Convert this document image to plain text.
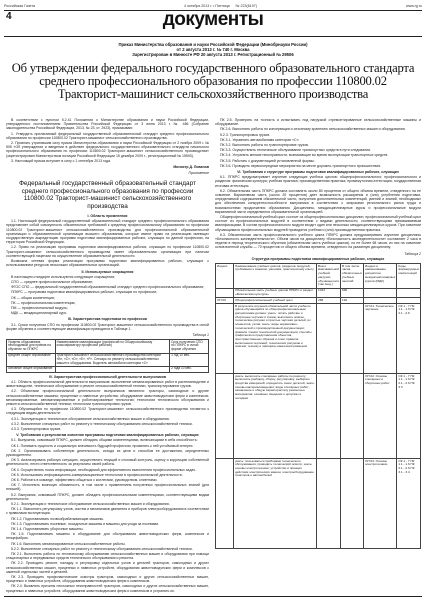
Российская Газета	4 октября 2013 г. • Пятница № 223(6197)	www.rg.ru
4	документы
Приказ Министерства образования и науки Российской Федерации (Минобрнауки России)
от 2 августа 2013 г. № 740 г. Москва
Зарегистрирован в Минюсте РФ 20 августа 2013 г. Регистрационный № 29506
Об утверждении федерального государственного образовательного стандарта среднего профессионального образования по профессии 110800.02 Тракторист-машинист сельскохозяйственного производства

В соответствии с пунктом 5.2.41 Положения о Министерстве образования и науки Российской Федерации, утвержденного постановлением Правительства Российской Федерации от 3 июня 2013 г. № 466 (Собрание законодательства Российской Федерации, 2013, № 23, ст. 2923), приказываю:

1. Утвердить прилагаемый федеральный государственный образовательный стандарт среднего профессионального образования по профессии 110800.02 Тракторист-машинист сельскохозяйственного производства.

2. Признать утратившим силу приказ Министерства образования и науки Российской Федерации от 2 ноября 2009 г. № 505 «Об утверждении и введении в действие федерального государственного образовательного стандарта начального профессионального образования по профессии 110800.02 Тракторист-машинист сельскохозяйственного производства» (зарегистрирован Министерством юстиции Российской Федерации 15 декабря 2009 г., регистрационный № 15593).

3. Настоящий приказ вступает в силу с 1 сентября 2013 года.

Министр Д. Ливанов
Приложение
Федеральный государственный образовательный стандарт среднего профессионального образования по профессии 110800.02 Тракторист-машинист сельскохозяйственного производства
I. Область применения

1.1. Настоящий федеральный государственный образовательный стандарт среднего профессионального образования представляет собой совокупность обязательных требований к среднему профессиональному образованию по профессии 110800.02 Тракторист-машинист сельскохозяйственного производства для профессиональной образовательной организации и образовательной организации высшего образования, которые имеют право на реализацию имеющих государственную аккредитацию программ подготовки квалифицированных рабочих, служащих по данной профессии, на территории Российской Федерации.

1.2. Право на реализацию программы подготовки квалифицированных рабочих, служащих по профессии 110800.02 Тракторист-машинист сельскохозяйственного производства имеет образовательная организация при наличии соответствующей лицензии на осуществление образовательной деятельности.

Возможна сетевая форма реализации программы подготовки квалифицированных рабочих, служащих с использованием ресурсов нескольких образовательных организаций.

II. Используемые сокращения

В настоящем стандарте используются следующие сокращения:

СПО — среднее профессиональное образование;

ФГОС СПО — федеральный государственный образовательный стандарт среднего профессионального образования;

ППКРС — программа подготовки квалифицированных рабочих, служащих по профессии;

ОК — общая компетенция;

ПК — профессиональная компетенция;

ПМ — профессиональный модуль;

МДК — междисциплинарный курс.

III. Характеристика подготовки по профессии

3.1. Сроки получения СПО по профессии 110800.02 Тракторист-машинист сельскохозяйственного производства в очной форме обучения и соответствующие квалификации приводятся в Таблице 1.

Таблица 1
Уровень образования, необходимый для приема на обучение по ППКРС	Наименование квалификации (профессий по Общероссийскому классификатору профессий рабочих)	Срок получения СПО по ППКРС в очной форме обучения
среднее общее образование	Тракторист-машинист сельскохозяйственного производства категорий «В», «С», «D», «E», «F». Слесарь по ремонту сельскохозяйственных машин и оборудования. Водитель автомобиля категории «С»	1 год 10 мес.
основное общее образование		2 года 10 мес.
IV. Характеристика профессиональной деятельности выпускников

4.1. Область профессиональной деятельности выпускников: выполнение механизированных работ в растениеводстве и животноводстве, техническое обслуживание и ремонт сельскохозяйственной техники, транспортирование грузов.

4.2. Объектами профессиональной деятельности выпускников являются: тракторы, самоходные и другие сельскохозяйственные машины; прицепные и навесные устройства; оборудование животноводческих ферм и комплексов; механизированные, автоматизированные и роботизированные технологии; технологии технического обслуживания и ремонта сельскохозяйственной техники; технологии транспортировки грузов.

4.3. Обучающийся по профессии 110800.02 Тракторист-машинист сельскохозяйственного производства готовится к следующим видам деятельности:

4.3.1. Эксплуатация и техническое обслуживание сельскохозяйственных машин и оборудования.

4.3.2. Выполнение слесарных работ по ремонту и техническому обслуживанию сельскохозяйственной техники.

4.3.3. Транспортировка грузов.

V. Требования к результатам освоения программы подготовки квалифицированных рабочих, служащих

5.1. Выпускник, освоивший ППКРС, должен обладать общими компетенциями, включающими в себя способность:

ОК 1. Понимать сущность и социальную значимость будущей профессии, проявлять к ней устойчивый интерес.

ОК 2. Организовывать собственную деятельность, исходя из цели и способов ее достижения, определенных руководителем.

ОК 3. Анализировать рабочую ситуацию, осуществлять текущий и итоговый контроль, оценку и коррекцию собственной деятельности, нести ответственность за результаты своей работы.

ОК 4. Осуществлять поиск информации, необходимой для эффективного выполнения профессиональных задач.

ОК 5. Использовать информационно-коммуникационные технологии в профессиональной деятельности.

ОК 6. Работать в команде, эффективно общаться с коллегами, руководством, клиентами.

ОК 7. Исполнять воинскую обязанность, в том числе с применением полученных профессиональных знаний (для юношей).

5.2. Выпускник, освоивший ППКРС, должен обладать профессиональными компетенциями, соответствующими видам деятельности:

5.2.1. Эксплуатация и техническое обслуживание сельскохозяйственных машин и оборудования.

ПК 1.1. Выполнять регулировку узлов, систем и механизмов двигателя и приборов электрооборудования в соответствии с правилами эксплуатации.

ПК 1.2. Подготавливать почвообрабатывающие машины.

ПК 1.3. Подготавливать посевные, посадочные машины и машины для ухода за посевами.

ПК 1.4. Подготавливать уборочные машины.

ПК 1.5. Подготавливать машины и оборудование для обслуживания животноводческих ферм, комплексов и птицефабрик.

ПК 1.6. Выполнять механизированные сельскохозяйственные работы.

5.2.2. Выполнение слесарных работ по ремонту и техническому обслуживанию сельскохозяйственной техники.

ПК 2.1. Выполнять работы по техническому обслуживанию сельскохозяйственных машин и оборудования при помощи стационарных и передвижных средств технического обслуживания и ремонта.

ПК 2.2. Проводить ремонт, наладку и регулировку отдельных узлов и деталей тракторов, самоходных и других сельскохозяйственных машин, прицепных и навесных устройств, оборудования животноводческих ферм и комплексов с заменой отдельных частей и деталей.

ПК 2.3. Проводить профилактические осмотры тракторов, самоходных и других сельскохозяйственных машин, прицепных и навесных устройств, оборудования животноводческих ферм и комплексов.

ПК 2.4. Выявлять причины несложных неисправностей тракторов, самоходных и других сельскохозяйственных машин, прицепных и навесных устройств, оборудования животноводческих ферм и комплексов и устранять их.

ПК 2.5. Проверять на точность и испытывать под нагрузкой отремонтированные сельскохозяйственные машины и оборудование.

ПК 2.6. Выполнять работы по консервации и сезонному хранению сельскохозяйственных машин и оборудования.

5.2.3. Транспортировка грузов.

ПК 3.1. Управлять автомобилями категории «С».

ПК 3.2. Выполнять работы по транспортировке грузов.

ПК 3.3. Осуществлять техническое обслуживание транспортных средств в пути следования.

ПК 3.4. Устранять мелкие неисправности, возникающие во время эксплуатации транспортных средств.

ПК 3.5. Работать с документацией установленной формы.

ПК 3.6. Проводить первоочередные мероприятия на месте дорожно-транспортного происшествия.

VI. Требования к структуре программы подготовки квалифицированных рабочих, служащих

6.1. ППКРС предусматривает изучение следующих учебных циклов: общепрофессионального; профессионального и разделов: физическая культура; учебная практика; производственная практика; промежуточная аттестация; государственная итоговая аттестация.

6.2. Обязательная часть ППКРС должна составлять около 80 процентов от общего объема времени, отведенного на ее освоение. Вариативная часть (около 20 процентов) дает возможность расширения и (или) углубления подготовки, определяемой содержанием обязательной части, получения дополнительных компетенций, умений и знаний, необходимых для обеспечения конкурентоспособности выпускника в соответствии с запросами регионального рынка труда и возможностями продолжения образования. Дисциплины, междисциплинарные курсы и профессиональные модули вариативной части определяются образовательной организацией.

Общепрофессиональный учебный цикл состоит из общепрофессиональных дисциплин, профессиональный учебный цикл состоит из профессиональных модулей в соответствии с видами деятельности, соответствующими присваиваемым квалификациям. В состав профессионального модуля входит один или несколько междисциплинарных курсов. При освоении обучающимися профессиональных модулей проводятся учебная и (или) производственная практика.

6.3. Обязательная часть профессионального учебного цикла ППКРС должна предусматривать изучение дисциплины «Безопасность жизнедеятельности». Объем часов на дисциплину «Безопасность жизнедеятельности» составляет 2 часа в неделю в период теоретического обучения (обязательная часть учебных циклов), но не более 68 часов, из них на освоение основ военной службы — 70 процентов от общего объема времени, отведенного на указанную дисциплину.

Таблица 2
Структура программы подготовки квалифицированных рабочих, служащих
Индекс	Наименование учебных циклов, разделов, модулей, требования к знаниям, умениям, практическому опыту	Всего максимальной учебной нагрузки обучающегося (час./нед.)	В том числе часов обязательных учебных занятий	Индекс и наименование дисциплин, междисциплинарных курсов (МДК)	Коды формируемых компетенций
	Обязательная часть учебных циклов ППКРС и раздел «Физическая культура»	1044	696		
ОП.00	Общепрофессиональный учебный цикл	288	192		
	В результате изучения обязательной части учебного цикла обучающийся по общепрофессиональным дисциплинам должен: уметь: читать рабочие и сборочные чертежи и схемы; выполнять эскизы, технические рисунки и простые чертежи деталей, их элементов, узлов; знать: виды нормативно-технической и производственной документации; правила чтения технической документации; способы графического представления объектов, пространственных образов и схем; правила выполнения чертежей, технических рисунков и эскизов; технику и принципы нанесения размеров			ОП.01. Техническое черчение	ОК 1 - 7 ПК 1.1 - 1.6 ПК 2.1 - 2.6
	уметь: выполнять слесарные работы по ремонту; выполнять разборку, сборку, регулировку; выбирать средства измерений; определять износ деталей; знать: основы материаловедения; виды слесарных работ; назначение и общую характеристику ремонтных материалов; основные сведения о допусках и посадках			ОП.02. Основы слесарных и сборочных работ	ОК 1 - 7 ПК 1.1 - 1.6 ПК 2.1 - 2.6 ПК 3.3
	уметь: пользоваться приборами технического обслуживания; проводить технический осмотр; знать: основы электротехники; устройство и принцип действия электрических машин; электрооборудование тракторов и автомобилей			ОП.03. Основы электротехники	ОК 1 - 7 ПК 1.1 - 1.6 ПК 2.1 - 2.6 ПК 3.1 - 3.4
